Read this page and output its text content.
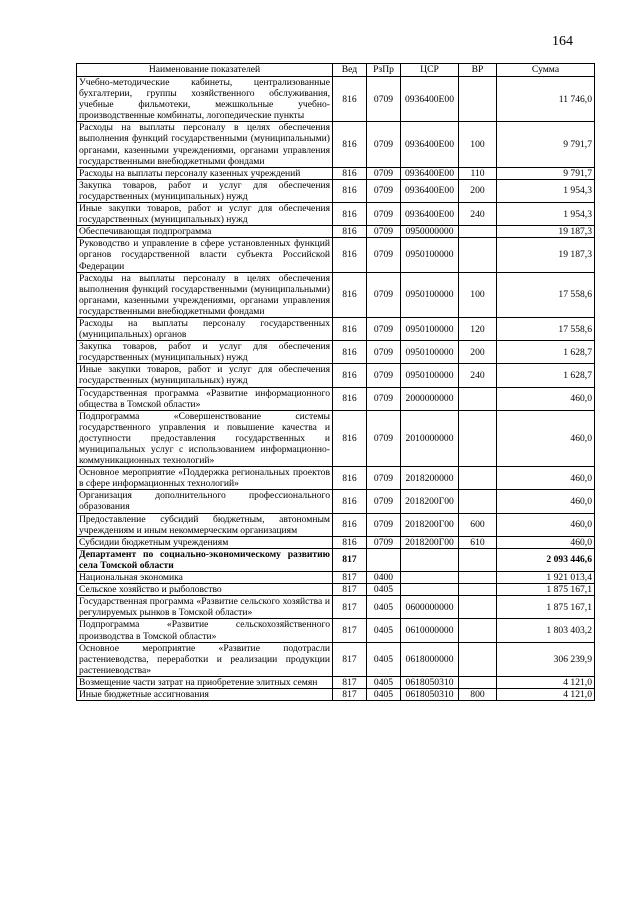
164
Наименование показателей	Вед	РзПр	ЦСР	ВР	Сумма
Учебно-методические кабинеты, централизованные бухгалтерии, группы хозяйственного обслуживания, учебные фильмотеки, межшкольные учебно-производственные комбинаты, логопедические пункты	816	0709	0936400Е00		11 746,0
Расходы на выплаты персоналу в целях обеспечения выполнения функций государственными (муниципальными) органами, казенными учреждениями, органами управления государственными внебюджетными фондами	816	0709	0936400Е00	100	9 791,7
Расходы на выплаты персоналу казенных учреждений	816	0709	0936400Е00	110	9 791,7
Закупка товаров, работ и услуг для обеспечения государственных (муниципальных) нужд	816	0709	0936400Е00	200	1 954,3
Иные закупки товаров, работ и услуг для обеспечения государственных (муниципальных) нужд	816	0709	0936400Е00	240	1 954,3
Обеспечивающая подпрограмма	816	0709	0950000000		19 187,3
Руководство и управление в сфере установленных функций органов государственной власти субъекта Российской Федерации	816	0709	0950100000		19 187,3
Расходы на выплаты персоналу в целях обеспечения выполнения функций государственными (муниципальными) органами, казенными учреждениями, органами управления государственными внебюджетными фондами	816	0709	0950100000	100	17 558,6
Расходы на выплаты персоналу государственных (муниципальных) органов	816	0709	0950100000	120	17 558,6
Закупка товаров, работ и услуг для обеспечения государственных (муниципальных) нужд	816	0709	0950100000	200	1 628,7
Иные закупки товаров, работ и услуг для обеспечения государственных (муниципальных) нужд	816	0709	0950100000	240	1 628,7
Государственная программа «Развитие информационного общества в Томской области»	816	0709	2000000000		460,0
Подпрограмма «Совершенствование системы государственного управления и повышение качества и доступности предоставления государственных и муниципальных услуг с использованием информационно-коммуникационных технологий»	816	0709	2010000000		460,0
Основное мероприятие «Поддержка региональных проектов в сфере информационных технологий»	816	0709	2018200000		460,0
Организация дополнительного профессионального образования	816	0709	2018200Г00		460,0
Предоставление субсидий бюджетным, автономным учреждениям и иным некоммерческим организациям	816	0709	2018200Г00	600	460,0
Субсидии бюджетным учреждениям	816	0709	2018200Г00	610	460,0
Департамент по социально-экономическому развитию села Томской области	817				2 093 446,6
Национальная экономика	817	0400			1 921 013,4
Сельское хозяйство и рыболовство	817	0405			1 875 167,1
Государственная программа «Развитие сельского хозяйства и регулируемых рынков в Томской области»	817	0405	0600000000		1 875 167,1
Подпрограмма «Развитие сельскохозяйственного производства в Томской области»	817	0405	0610000000		1 803 403,2
Основное мероприятие «Развитие подотрасли растениеводства, переработки и реализации продукции растениеводства»	817	0405	0618000000		306 239,9
Возмещение части затрат на приобретение элитных семян	817	0405	0618050310		4 121,0
Иные бюджетные ассигнования	817	0405	0618050310	800	4 121,0
